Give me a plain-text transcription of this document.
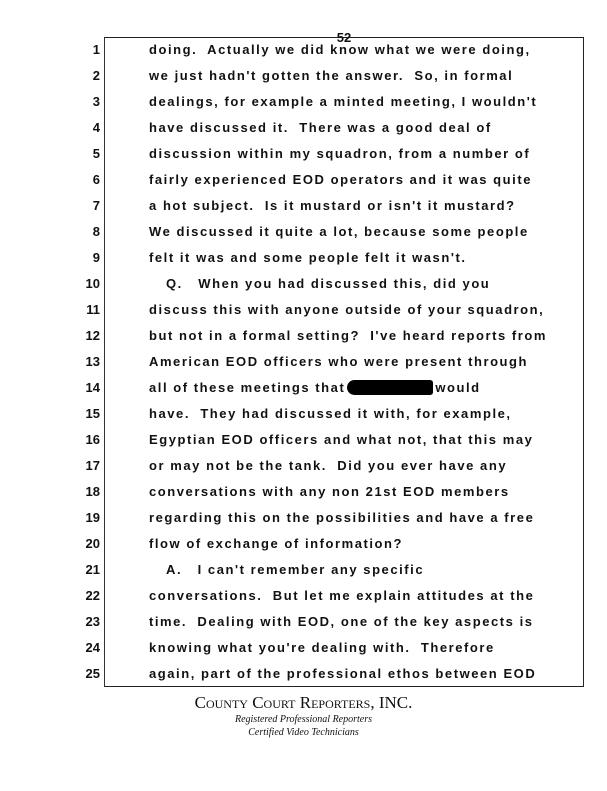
52
1	doing.  Actually we did know what we were doing,
2	we just hadn't gotten the answer.  So, in formal
3	dealings, for example a minted meeting, I wouldn't
4	have discussed it.  There was a good deal of
5	discussion within my squadron, from a number of
6	fairly experienced EOD operators and it was quite
7	a hot subject.  Is it mustard or isn't it mustard?
8	We discussed it quite a lot, because some people
9	felt it was and some people felt it wasn't.
10	Q.   When you had discussed this, did you
11	discuss this with anyone outside of your squadron,
12	but not in a formal setting?  I've heard reports from
13	American EOD officers who were present through
14	all of these meetings that	would
15	have.  They had discussed it with, for example,
16	Egyptian EOD officers and what not, that this may
17	or may not be the tank.  Did you ever have any
18	conversations with any non 21st EOD members
19	regarding this on the possibilities and have a free
20	flow of exchange of information?
21	A.   I can't remember any specific
22	conversations.  But let me explain attitudes at the
23	time.  Dealing with EOD, one of the key aspects is
24	knowing what you're dealing with.  Therefore
25	again, part of the professional ethos between EOD
County Court Reporters, INC.
Registered Professional Reporters
Certified Video Technicians
